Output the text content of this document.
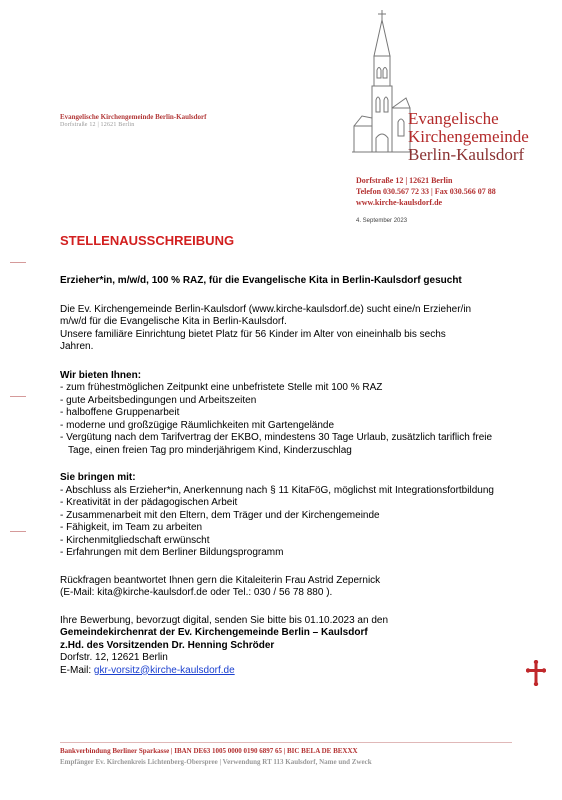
Evangelische Kirchengemeinde Berlin-Kaulsdorf
Dorfstraße 12 | 12621 Berlin	Evangelische
Kirchengemeinde
Berlin-Kaulsdorf
Dorfstraße 12 | 12621 Berlin
Telefon 030.567 72 33 | Fax 030.566 07 88
www.kirche-kaulsdorf.de
4. September 2023
STELLENAUSSCHREIBUNG

Erzieher*in, m/w/d, 100 % RAZ, für die Evangelische Kita in Berlin-Kaulsdorf gesucht

Die Ev. Kirchengemeinde Berlin-Kaulsdorf (www.kirche-kaulsdorf.de) sucht eine/n Erzieher/in

m/w/d für die Evangelische Kita in Berlin-Kaulsdorf.

Unsere familiäre Einrichtung bietet Platz für 56 Kinder im Alter von eineinhalb bis sechs

Jahren.

Wir bieten Ihnen:

- zum frühestmöglichen Zeitpunkt eine unbefristete Stelle mit 100 % RAZ
- gute Arbeitsbedingungen und Arbeitszeiten
- halboffene Gruppenarbeit
- moderne und großzügige Räumlichkeiten mit Gartengelände
- Vergütung nach dem Tarifvertrag der EKBO, mindestens 30 Tage Urlaub, zusätzlich tariflich freie Tage, einen freien Tag pro minderjährigem Kind, Kinderzuschlag

Sie bringen mit:

- Abschluss als Erzieher*in, Anerkennung nach § 11 KitaFöG, möglichst mit Integrationsfortbildung
- Kreativität in der pädagogischen Arbeit
- Zusammenarbeit mit den Eltern, dem Träger und der Kirchengemeinde
- Fähigkeit, im Team zu arbeiten
- Kirchenmitgliedschaft erwünscht
- Erfahrungen mit dem Berliner Bildungsprogramm

Rückfragen beantwortet Ihnen gern die Kitaleiterin Frau Astrid Zepernick

(E-Mail: kita@kirche-kaulsdorf.de oder Tel.: 030 / 56 78 880 ).

Ihre Bewerbung, bevorzugt digital, senden Sie bitte bis 01.10.2023 an den

Gemeindekirchenrat der Ev. Kirchengemeinde Berlin – Kaulsdorf

z.Hd. des Vorsitzenden Dr. Henning Schröder

Dorfstr. 12, 12621 Berlin

E-Mail: gkr-vorsitz@kirche-kaulsdorf.de

Bankverbindung Berliner Sparkasse | IBAN DE63 1005 0000 0190 6897 65 | BIC BELA DE BEXXX
Empfänger Ev. Kirchenkreis Lichtenberg-Oberspree | Verwendung RT 113 Kaulsdorf, Name und Zweck
